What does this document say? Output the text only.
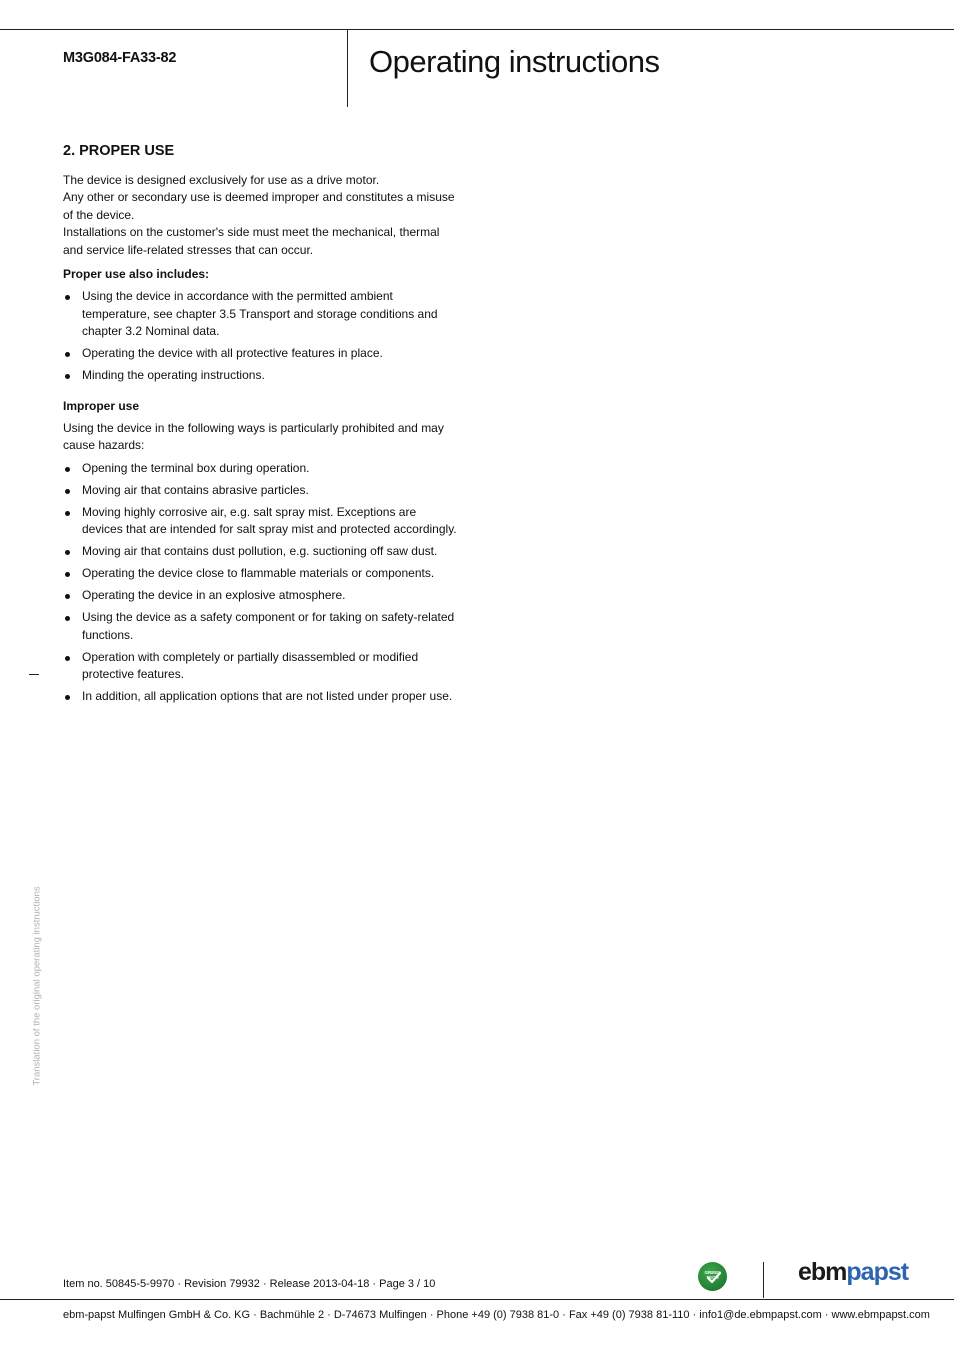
M3G084-FA33-82	Operating instructions
2. PROPER USE

The device is designed exclusively for use as a drive motor.

Any other or secondary use is deemed improper and constitutes a misuse of the device.

Installations on the customer's side must meet the mechanical, thermal and service life-related stresses that can occur.

Proper use also includes:

Using the device in accordance with the permitted ambient temperature, see chapter 3.5 Transport and storage conditions and chapter 3.2 Nominal data.
Operating the device with all protective features in place.
Minding the operating instructions.

Improper use

Using the device in the following ways is particularly prohibited and may cause hazards:

Opening the terminal box during operation.
Moving air that contains abrasive particles.
Moving highly corrosive air, e.g. salt spray mist. Exceptions are devices that are intended for salt spray mist and protected accordingly.
Moving air that contains dust pollution, e.g. suctioning off saw dust.
Operating the device close to flammable materials or components.
Operating the device in an explosive atmosphere.
Using the device as a safety component or for taking on safety-related functions.
Operation with completely or partially disassembled or modified protective features.
In addition, all application options that are not listed under proper use.
Translation of the original operating instructions
Item no. 50845-5-9970 · Revision 79932 · Release 2013-04-18 · Page 3 / 10
GREEN TECH	ebmpapst
ebm-papst Mulfingen GmbH & Co. KG · Bachmühle 2 · D-74673 Mulfingen · Phone +49 (0) 7938 81-0 · Fax +49 (0) 7938 81-110 · info1@de.ebmpapst.com · www.ebmpapst.com
